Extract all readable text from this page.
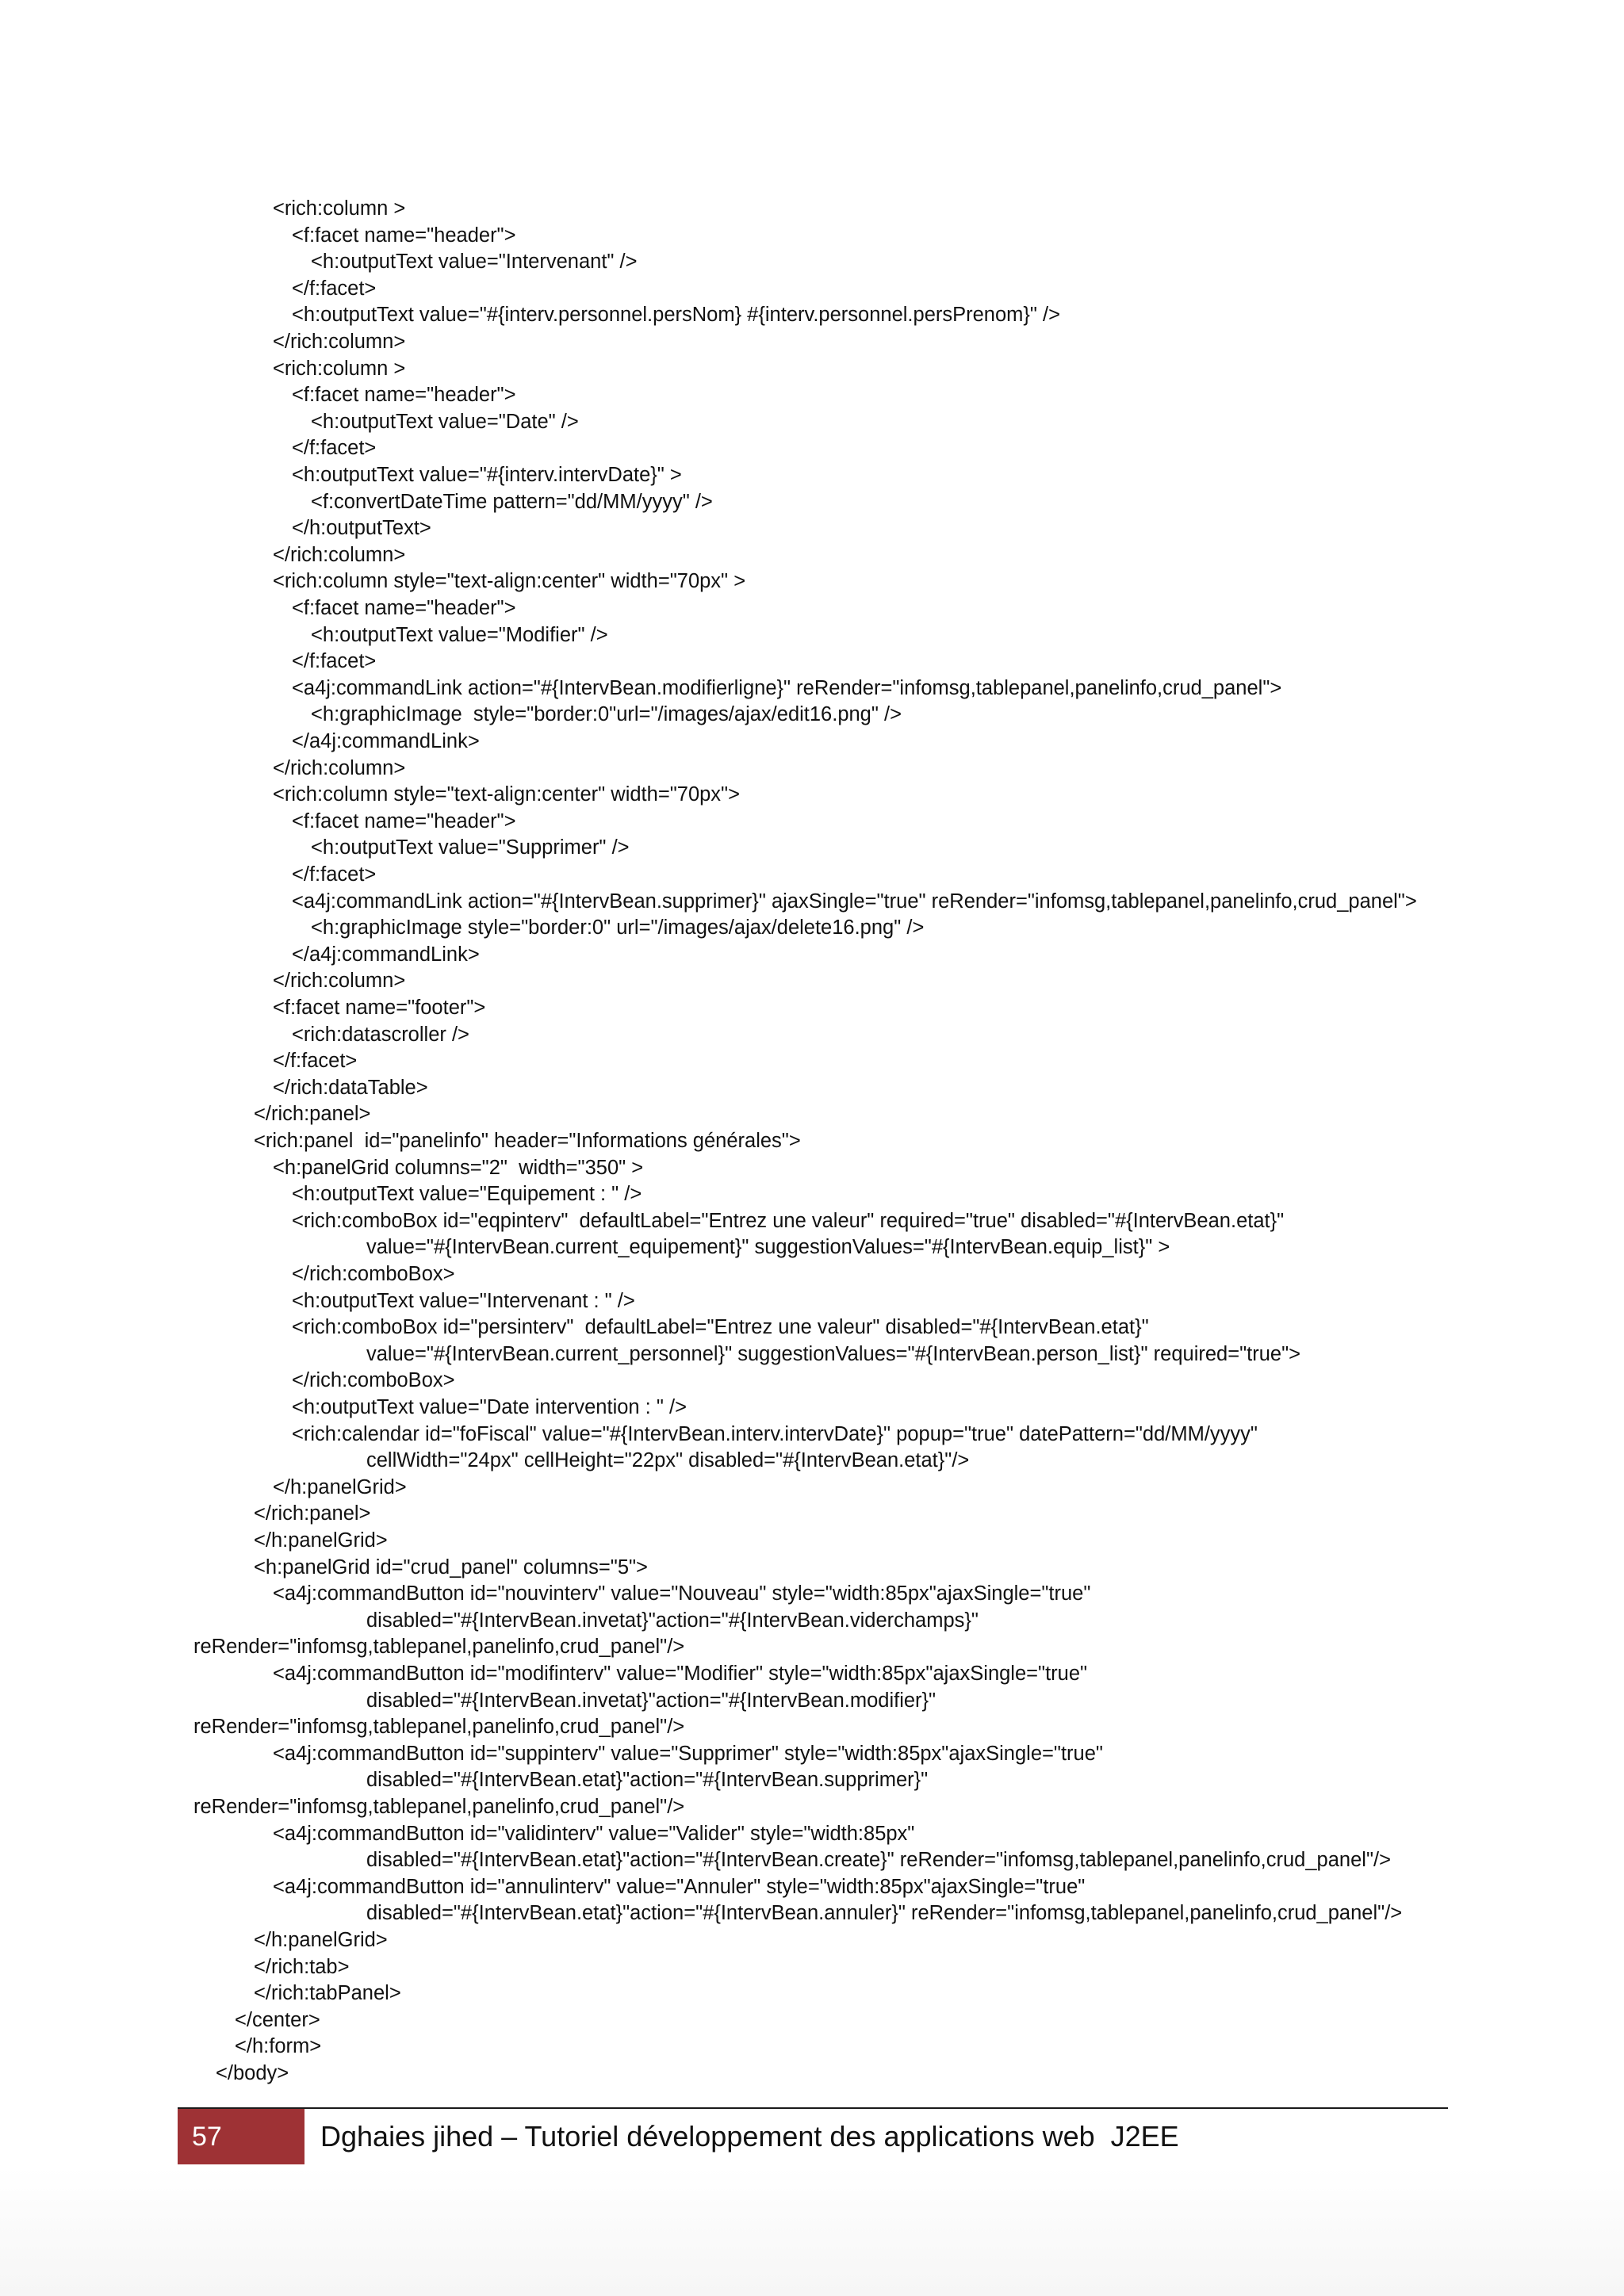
<rich:column >
<f:facet name="header">
<h:outputText value="Intervenant" />
</f:facet>
<h:outputText value="#{interv.personnel.persNom} #{interv.personnel.persPrenom}" />
</rich:column>
<rich:column >
<f:facet name="header">
<h:outputText value="Date" />
</f:facet>
<h:outputText value="#{interv.intervDate}" >
<f:convertDateTime pattern="dd/MM/yyyy" />
</h:outputText>
</rich:column>
<rich:column style="text-align:center" width="70px" >
<f:facet name="header">
<h:outputText value="Modifier" />
</f:facet>
<a4j:commandLink action="#{IntervBean.modifierligne}" reRender="infomsg,tablepanel,panelinfo,crud_panel">
<h:graphicImage  style="border:0"url="/images/ajax/edit16.png" />
</a4j:commandLink>
</rich:column>
<rich:column style="text-align:center" width="70px">
<f:facet name="header">
<h:outputText value="Supprimer" />
</f:facet>
<a4j:commandLink action="#{IntervBean.supprimer}" ajaxSingle="true" reRender="infomsg,tablepanel,panelinfo,crud_panel">
<h:graphicImage style="border:0" url="/images/ajax/delete16.png" />
</a4j:commandLink>
</rich:column>
<f:facet name="footer">
<rich:datascroller />
</f:facet>
</rich:dataTable>
</rich:panel>
<rich:panel  id="panelinfo" header="Informations générales">
<h:panelGrid columns="2"  width="350" >
<h:outputText value="Equipement : " />
<rich:comboBox id="eqpinterv"  defaultLabel="Entrez une valeur" required="true" disabled="#{IntervBean.etat}"
value="#{IntervBean.current_equipement}" suggestionValues="#{IntervBean.equip_list}" >
</rich:comboBox>
<h:outputText value="Intervenant : " />
<rich:comboBox id="persinterv"  defaultLabel="Entrez une valeur" disabled="#{IntervBean.etat}"
value="#{IntervBean.current_personnel}" suggestionValues="#{IntervBean.person_list}" required="true">
</rich:comboBox>
<h:outputText value="Date intervention : " />
<rich:calendar id="foFiscal" value="#{IntervBean.interv.intervDate}" popup="true" datePattern="dd/MM/yyyy"
cellWidth="24px" cellHeight="22px" disabled="#{IntervBean.etat}"/>
</h:panelGrid>
</rich:panel>
</h:panelGrid>
<h:panelGrid id="crud_panel" columns="5">
<a4j:commandButton id="nouvinterv" value="Nouveau" style="width:85px"ajaxSingle="true"
disabled="#{IntervBean.invetat}"action="#{IntervBean.viderchamps}"
reRender="infomsg,tablepanel,panelinfo,crud_panel"/>
<a4j:commandButton id="modifinterv" value="Modifier" style="width:85px"ajaxSingle="true"
disabled="#{IntervBean.invetat}"action="#{IntervBean.modifier}"
reRender="infomsg,tablepanel,panelinfo,crud_panel"/>
<a4j:commandButton id="suppinterv" value="Supprimer" style="width:85px"ajaxSingle="true"
disabled="#{IntervBean.etat}"action="#{IntervBean.supprimer}"
reRender="infomsg,tablepanel,panelinfo,crud_panel"/>
<a4j:commandButton id="validinterv" value="Valider" style="width:85px"
disabled="#{IntervBean.etat}"action="#{IntervBean.create}" reRender="infomsg,tablepanel,panelinfo,crud_panel"/>
<a4j:commandButton id="annulinterv" value="Annuler" style="width:85px"ajaxSingle="true"
disabled="#{IntervBean.etat}"action="#{IntervBean.annuler}" reRender="infomsg,tablepanel,panelinfo,crud_panel"/>
</h:panelGrid>
</rich:tab>
</rich:tabPanel>
</center>
</h:form>
</body>
57	Dghaies jihed – Tutoriel développement des applications web  J2EE
